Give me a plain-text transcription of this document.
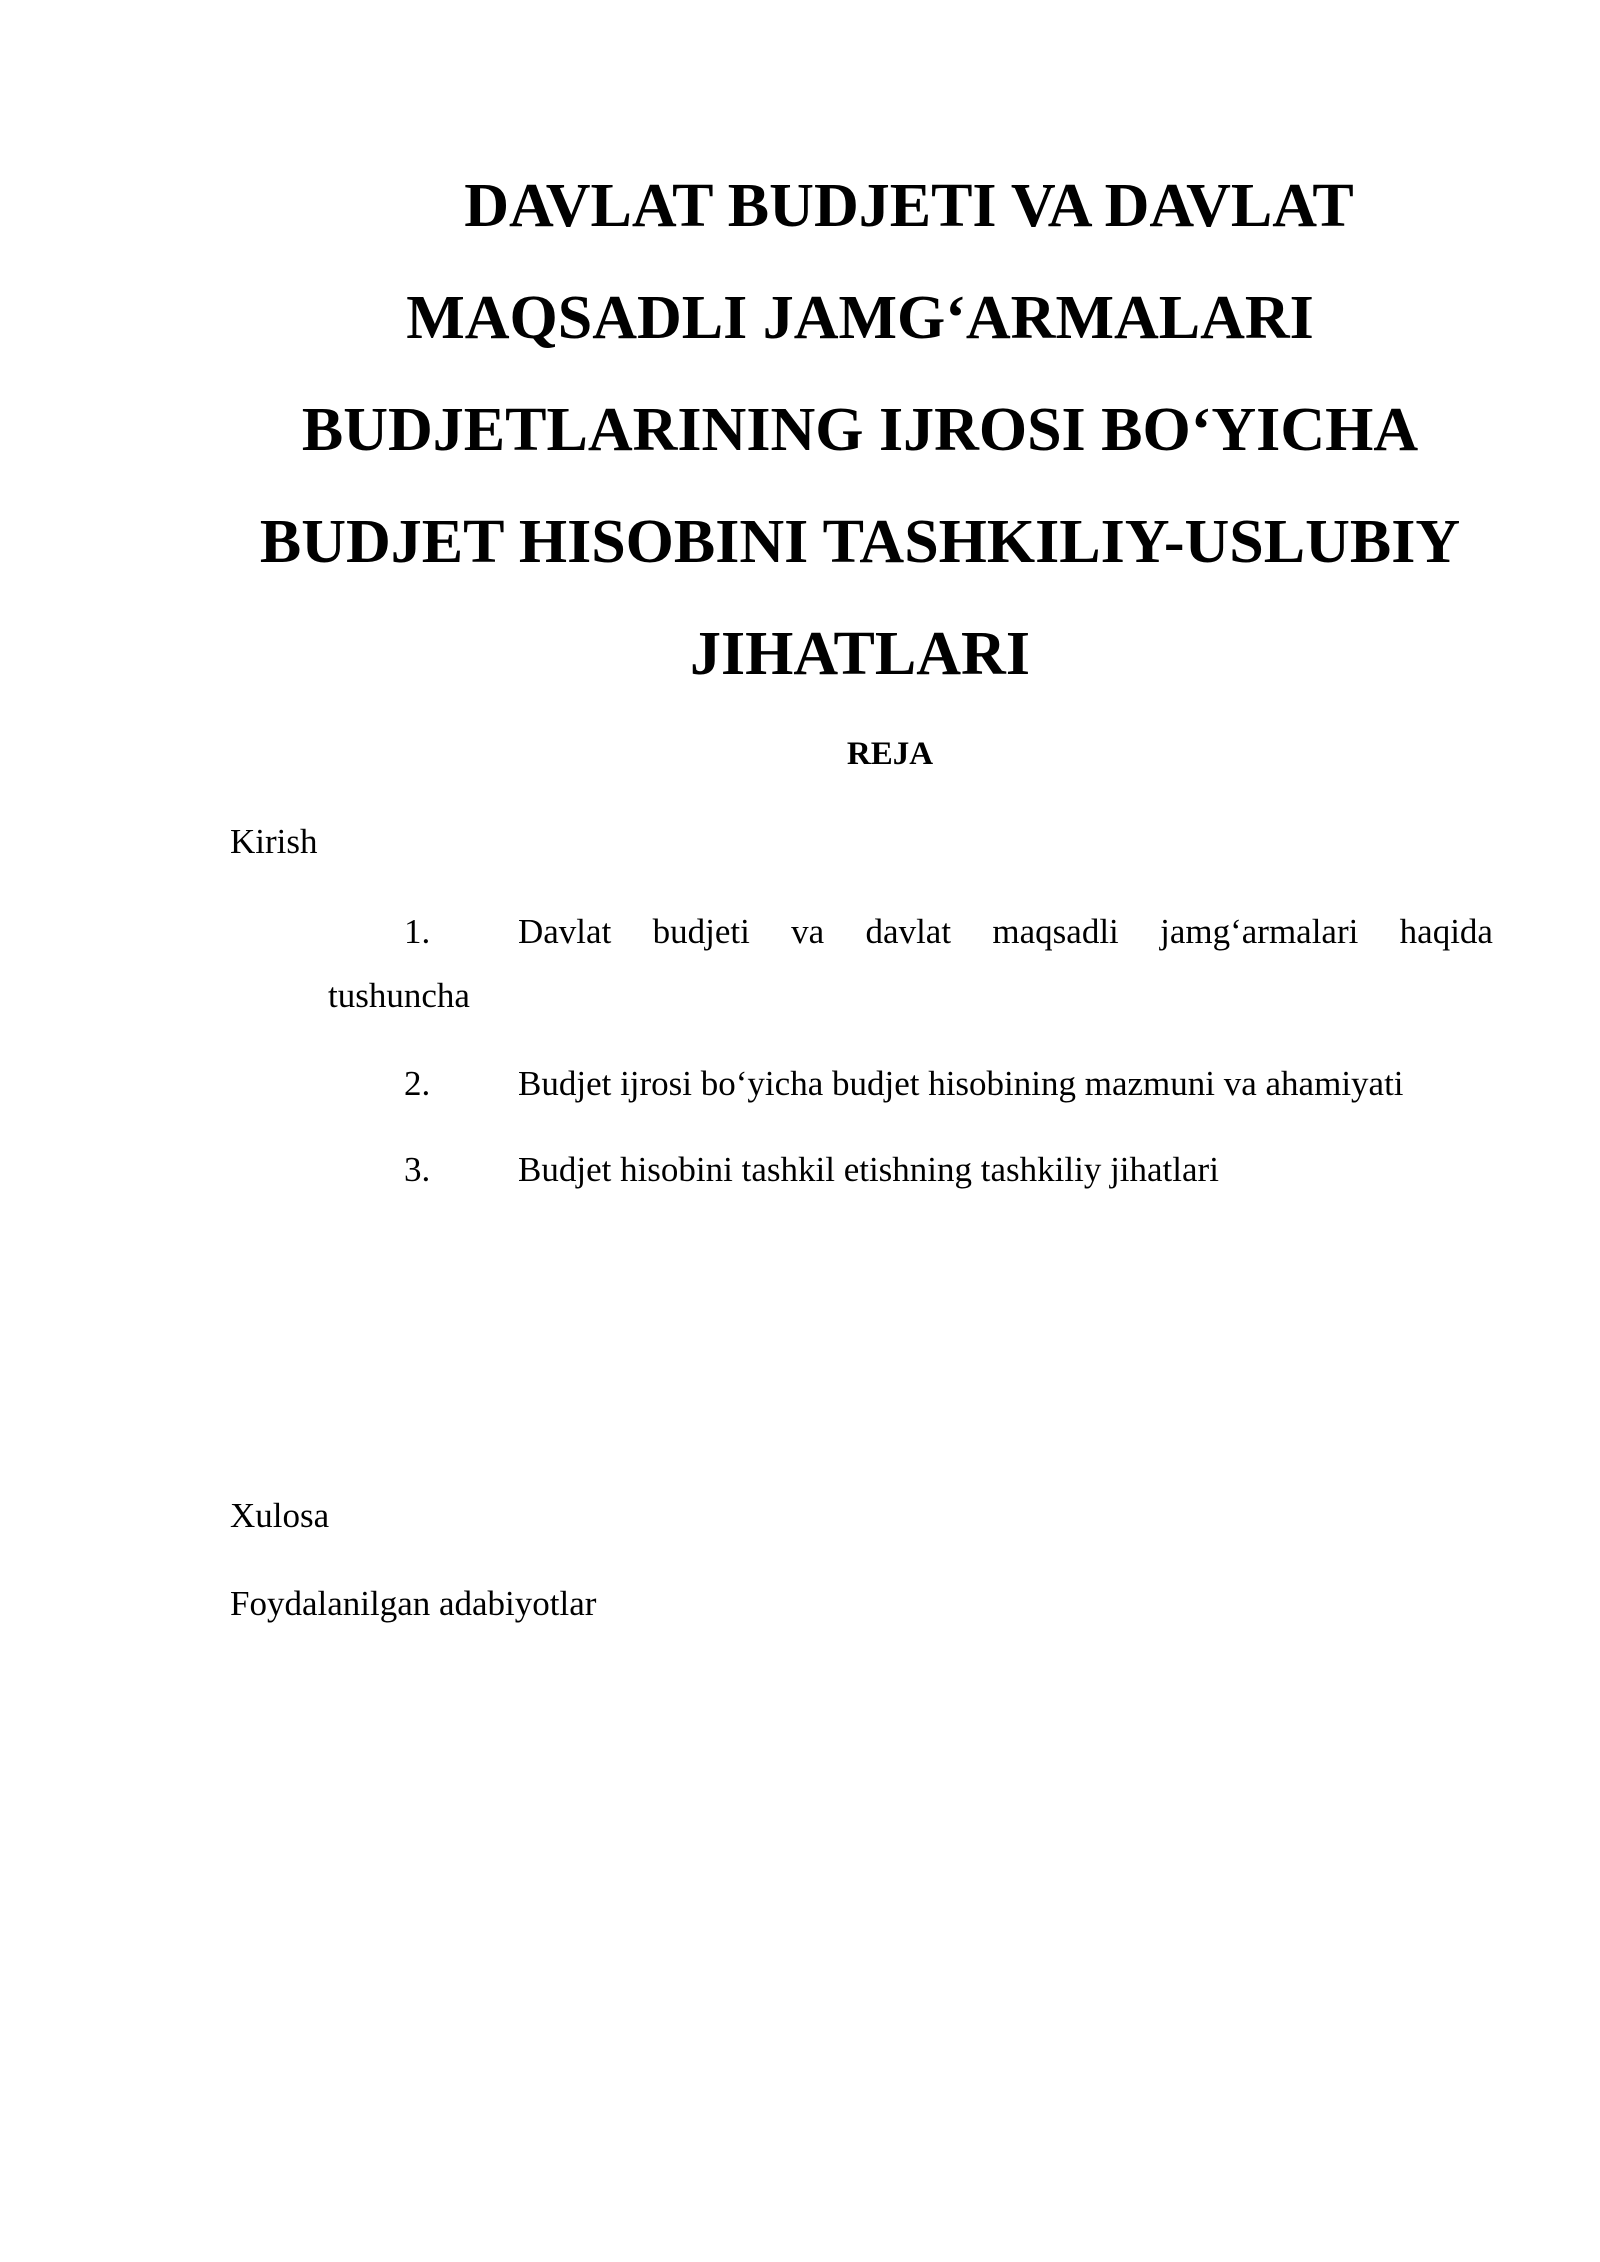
DAVLAT BUDJETI VA DAVLAT
MAQSADLI JAMG‘ARMALARI
BUDJETLARINING IJROSI BO‘YICHA
BUDJET HISOBINI TASHKILIY-USLUBIY
JIHATLARI

REJA

Kirish

1.	Davlat budjeti va davlat maqsadli jamg‘armalari haqida
tushuncha
2.	Budjet ijrosi bo‘yicha budjet hisobining mazmuni va ahamiyati
3.	Budjet hisobini tashkil etishning tashkiliy jihatlari

Xulosa

Foydalanilgan adabiyotlar
